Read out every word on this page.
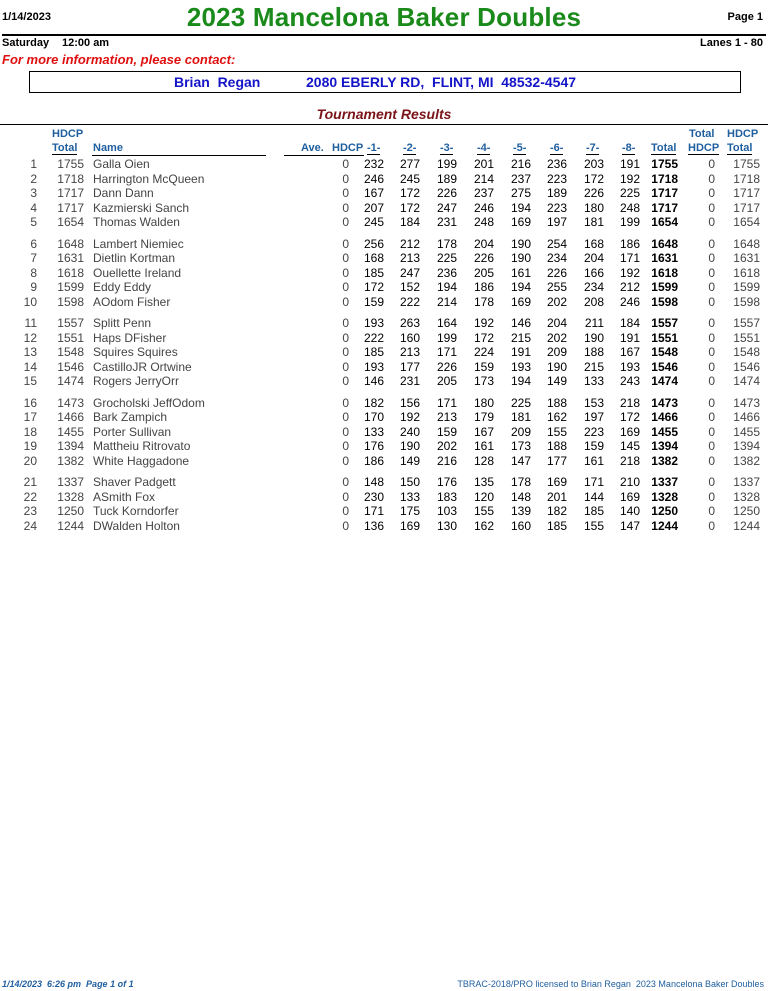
1/14/2023	2023 Mancelona Baker Doubles	Page 1
Saturday 12:00 am	Lanes 1 - 80
For more information, please contact:
Brian  Regan	2080 EBERLY RD,  FLINT, MI  48532-4547
Tournament Results
HDCP
Total Name	Ave. HDCP -1- -2- -3- -4- -5- -6- -7- -8- Total
Total
HDCP
HDCP
Total
1	1755 Galla Oien	0	232	277	199	201	216	236	203	191 1755	0	1755
2	1718 Harrington McQueen	0	246	245	189	214	237	223	172	192 1718	0	1718
3	1717 Dann Dann	0	167	172	226	237	275	189	226	225 1717	0	1717
4	1717 Kazmierski Sanch	0	207	172	247	246	194	223	180	248 1717	0	1717
5	1654 Thomas Walden	0	245	184	231	248	169	197	181	199 1654	0	1654
6	1648 Lambert Niemiec	0	256	212	178	204	190	254	168	186 1648	0	1648
7	1631 Dietlin Kortman	0	168	213	225	226	190	234	204	171 1631	0	1631
8	1618 Ouellette Ireland	0	185	247	236	205	161	226	166	192 1618	0	1618
9	1599 Eddy Eddy	0	172	152	194	186	194	255	234	212 1599	0	1599
10	1598 AOdom Fisher	0	159	222	214	178	169	202	208	246 1598	0	1598
11	1557 Splitt Penn	0	193	263	164	192	146	204	211	184 1557	0	1557
12	1551 Haps DFisher	0	222	160	199	172	215	202	190	191 1551	0	1551
13	1548 Squires Squires	0	185	213	171	224	191	209	188	167 1548	0	1548
14	1546 CastilloJR Ortwine	0	193	177	226	159	193	190	215	193 1546	0	1546
15	1474 Rogers JerryOrr	0	146	231	205	173	194	149	133	243 1474	0	1474
16	1473 Grocholski JeffOdom	0	182	156	171	180	225	188	153	218 1473	0	1473
17	1466 Bark Zampich	0	170	192	213	179	181	162	197	172 1466	0	1466
18	1455 Porter Sullivan	0	133	240	159	167	209	155	223	169 1455	0	1455
19	1394 Mattheiu Ritrovato	0	176	190	202	161	173	188	159	145 1394	0	1394
20	1382 White Haggadone	0	186	149	216	128	147	177	161	218 1382	0	1382
21	1337 Shaver Padgett	0	148	150	176	135	178	169	171	210 1337	0	1337
22	1328 ASmith Fox	0	230	133	183	120	148	201	144	169 1328	0	1328
23	1250 Tuck Korndorfer	0	171	175	103	155	139	182	185	140 1250	0	1250
24	1244 DWalden Holton	0	136	169	130	162	160	185	155	147 1244	0	1244
1/14/2023  6:26 pm  Page 1 of 1	TBRAC-2018/PRO licensed to Brian Regan  2023 Mancelona Baker Doubles
